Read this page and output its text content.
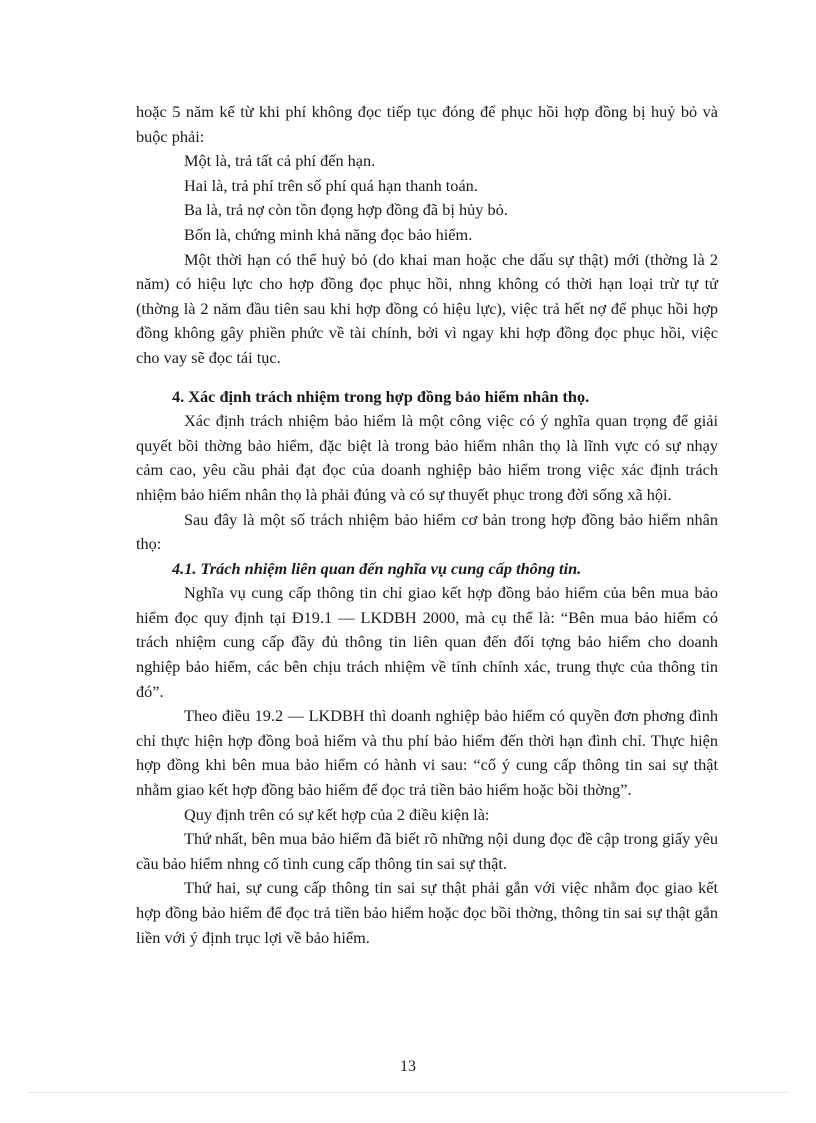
hoặc 5 năm kể từ khi phí không đọc tiếp tục đóng để phục hồi hợp đồng bị huỷ bỏ và buộc phải:

Một là, trả tất cả phí đến hạn.

Hai là, trả phí trên số phí quá hạn thanh toán.

Ba là, trả nợ còn tồn đọng hợp đồng đã bị hủy bỏ.

Bốn là, chứng minh khả năng đọc bảo hiểm.

Một thời hạn có thể huỷ bỏ (do khai man hoặc che dấu sự thật) mới (thờng là 2 năm) có hiệu lực cho hợp đồng đọc phục hồi, nhng không có thời hạn loại trừ tự tử (thờng là 2 năm đầu tiên sau khi hợp đồng có hiệu lực), việc trả hết nợ để phục hồi hợp đồng không gây phiền phức về tài chính, bởi vì ngay khi hợp đồng đọc phục hồi, việc cho vay sẽ đọc tái tục.

4. Xác định trách nhiệm trong hợp đồng bảo hiểm nhân thọ.

Xác định trách nhiệm bảo hiểm là một công việc có ý nghĩa quan trọng để giải quyết bồi thờng bảo hiểm, đặc biệt là trong bảo hiểm nhân thọ là lĩnh vực có sự nhạy cảm cao, yêu cầu phải đạt đọc của doanh nghiệp bảo hiểm trong việc xác định trách nhiệm bảo hiểm nhân thọ là phải đúng và có sự thuyết phục trong đời sống xã hội.

Sau đây là một số trách nhiệm bảo hiểm cơ bản trong hợp đồng bảo hiểm nhân thọ:

4.1. Trách nhiệm liên quan đến nghĩa vụ cung cấp thông tin.

Nghĩa vụ cung cấp thông tin chỉ giao kết hợp đồng bảo hiểm của bên mua bảo hiểm đọc quy định tại Đ19.1 — LKDBH 2000, mà cụ thể là: “Bên mua bảo hiểm có trách nhiệm cung cấp đầy đủ thông tin liên quan đến đối tợng bảo hiểm cho doanh nghiệp bảo hiểm, các bên chịu trách nhiệm về tính chính xác, trung thực của thông tin đó”.

Theo điều 19.2 — LKDBH thì doanh nghiệp bảo hiểm có quyền đơn phơng đình chỉ thực hiện hợp đồng boả hiểm và thu phí bảo hiểm đến thời hạn đình chỉ. Thực hiện hợp đồng khi bên mua bảo hiểm có hành vi sau: “cố ý cung cấp thông tin sai sự thật nhằm giao kết hợp đồng bảo hiểm để đọc trả tiền bảo hiểm hoặc bồi thờng”.

Quy định trên có sự kết hợp của 2 điều kiện là:

Thứ nhất, bên mua bảo hiểm đã biết rõ những nội dung đọc đề cập trong giấy yêu cầu bảo hiểm nhng cố tình cung cấp thông tin sai sự thật.

Thứ hai, sự cung cấp thông tin sai sự thật phải gắn với việc nhằm đọc giao kết hợp đồng bảo hiểm để đọc trả tiền bảo hiểm hoặc đọc bồi thờng, thông tin sai sự thật gắn liền với ý định trục lợi về bảo hiểm.

13
